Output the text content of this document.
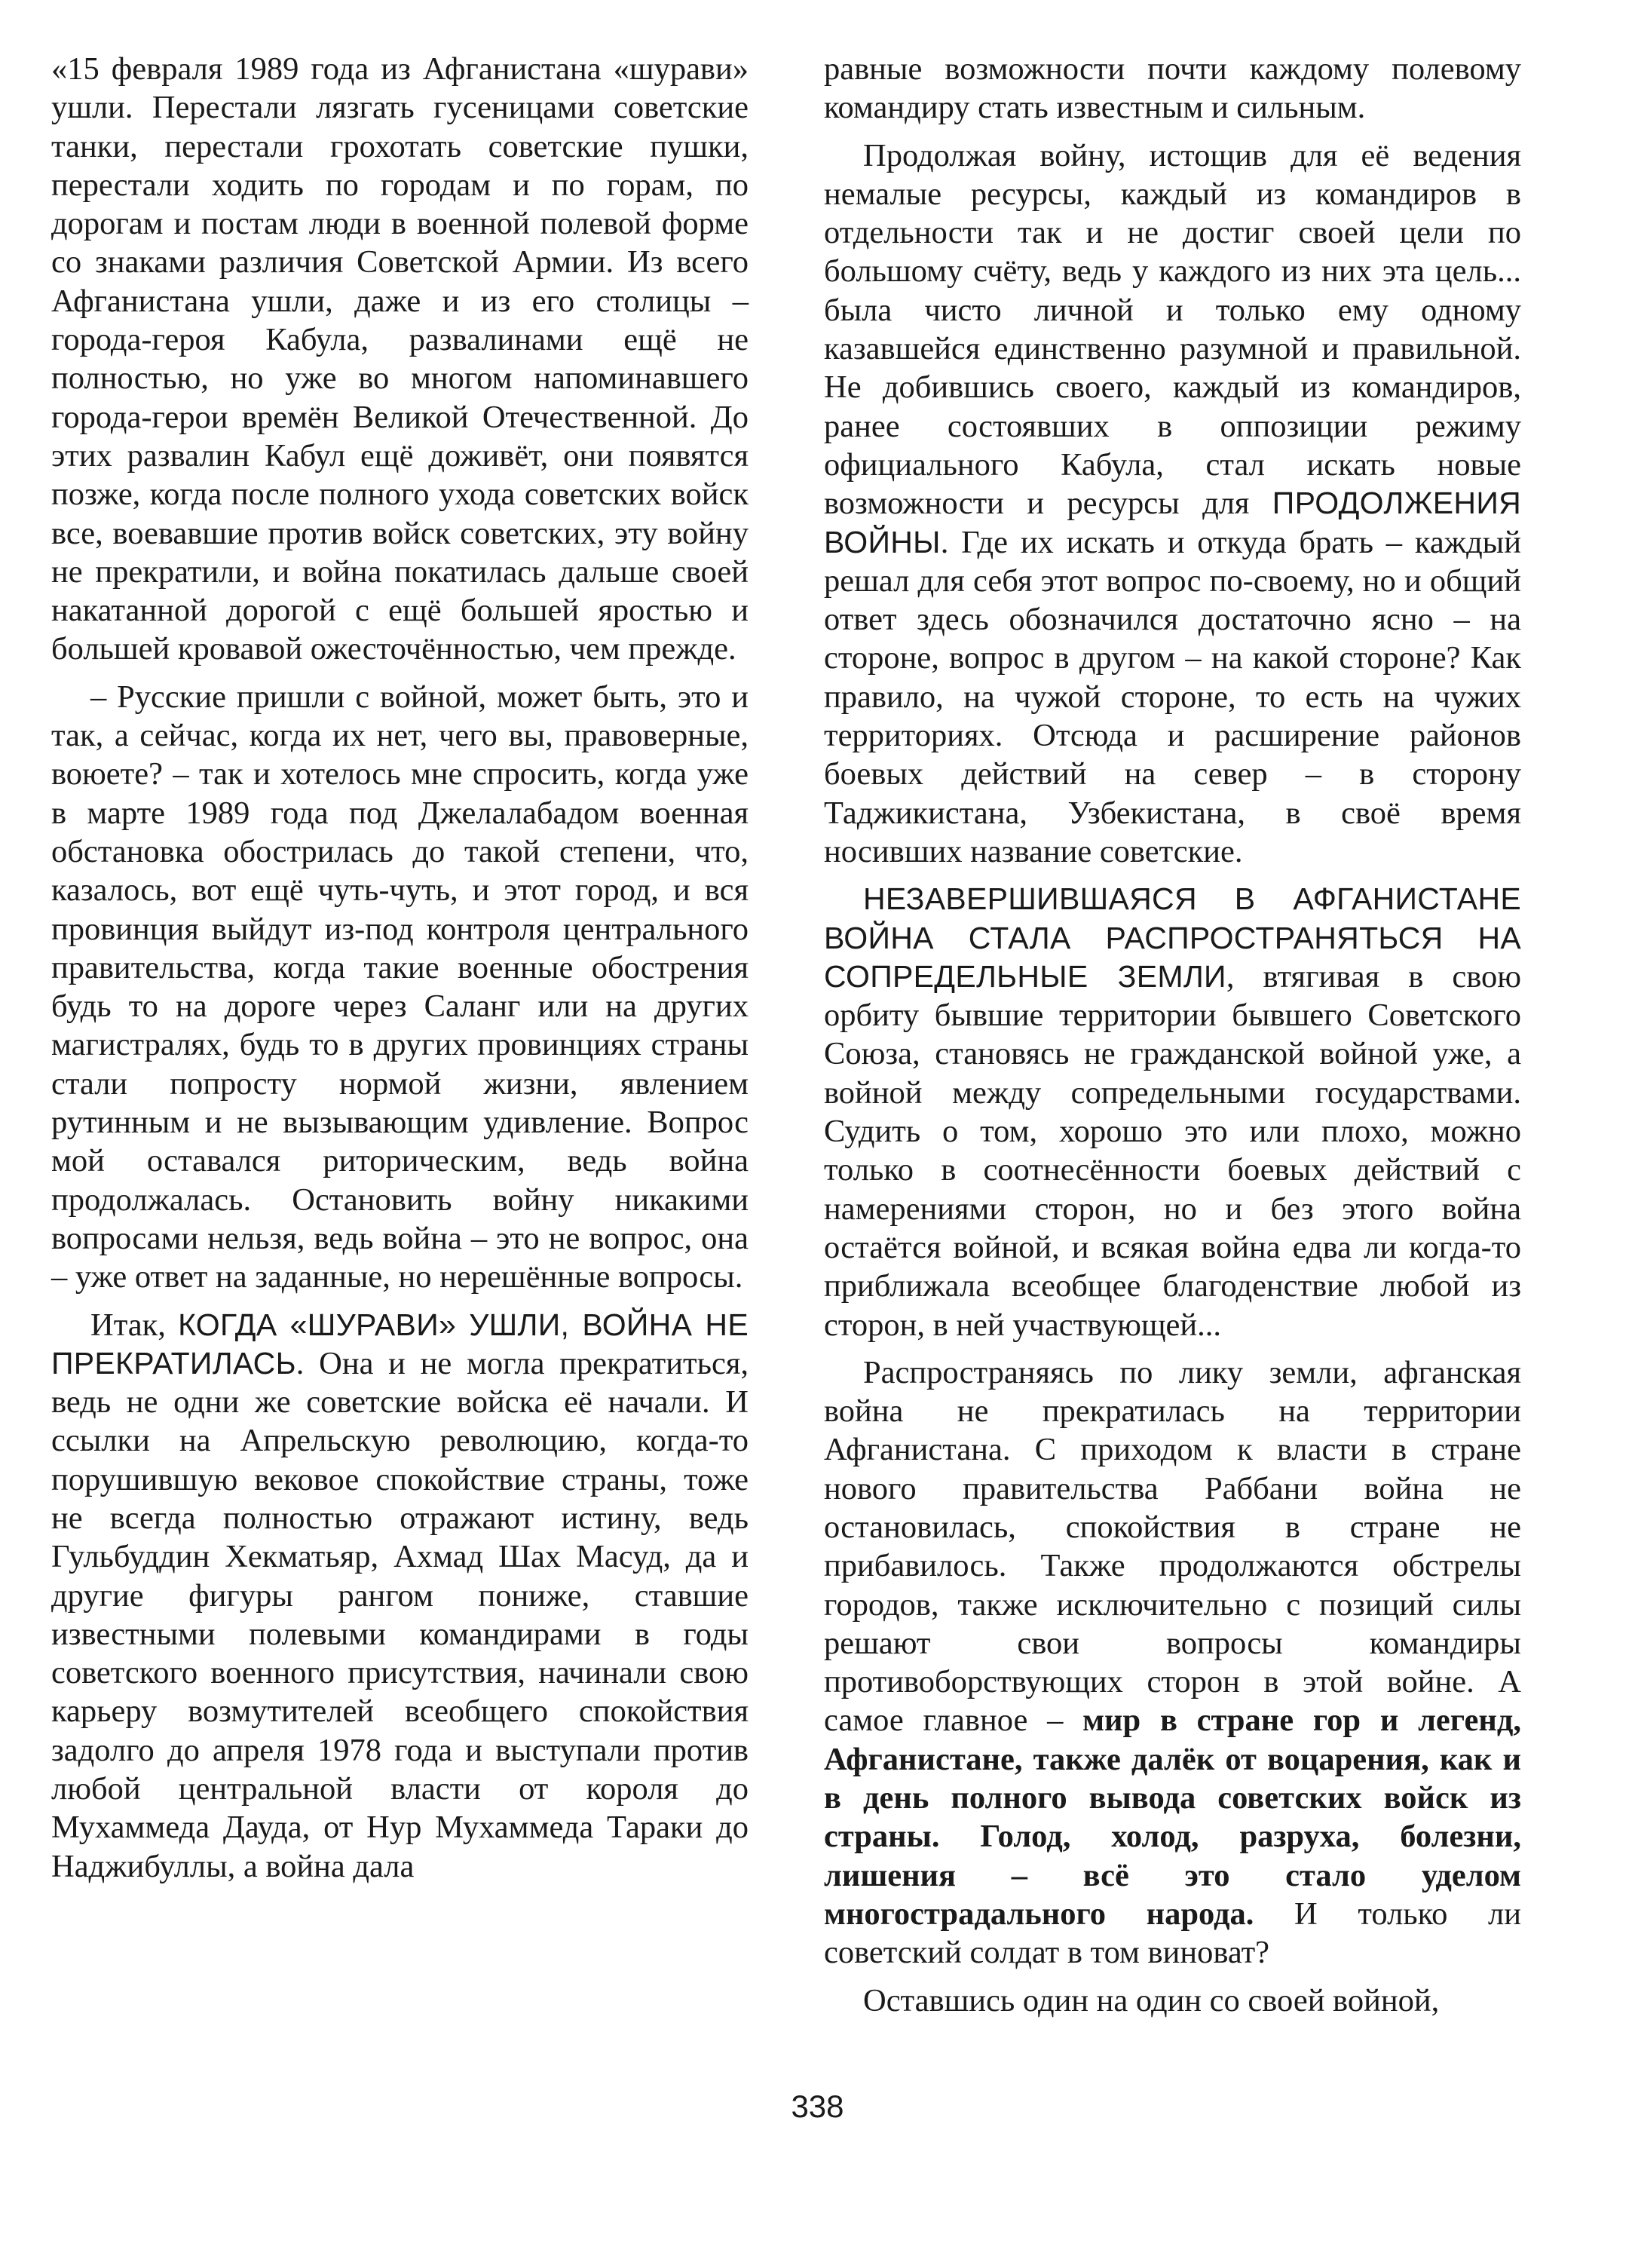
«15 февраля 1989 года из Афганистана «шурави» ушли. Перестали лязгать гусеницами советские танки, перестали грохотать советские пушки, перестали ходить по городам и по горам, по дорогам и постам люди в военной полевой форме со знаками различия Советской Армии. Из всего Афганистана ушли, даже и из его столицы – города-героя Кабула, развалинами ещё не полностью, но уже во многом напоминавшего города-герои времён Великой Отечественной. До этих развалин Кабул ещё доживёт, они появятся позже, когда после полного ухода советских войск все, воевавшие против войск советских, эту войну не прекратили, и война покатилась дальше своей накатанной дорогой с ещё большей яростью и большей кровавой ожесточённостью, чем прежде.

– Русские пришли с войной, может быть, это и так, а сейчас, когда их нет, чего вы, правоверные, воюете? – так и хотелось мне спросить, когда уже в марте 1989 года под Джелалабадом военная обстановка обострилась до такой степени, что, казалось, вот ещё чуть-чуть, и этот город, и вся провинция выйдут из-под контроля центрального правительства, когда такие военные обострения будь то на дороге через Саланг или на других магистралях, будь то в других провинциях страны стали попросту нормой жизни, явлением рутинным и не вызывающим удивление. Вопрос мой оставался риторическим, ведь война продолжалась. Остановить войну никакими вопросами нельзя, ведь война – это не вопрос, она – уже ответ на заданные, но нерешённые вопросы.

Итак, КОГДА «ШУРАВИ» УШЛИ, ВОЙНА НЕ ПРЕКРАТИЛАСЬ. Она и не могла прекратиться, ведь не одни же советские войска её начали. И ссылки на Апрельскую революцию, когда-то порушившую вековое спокойствие страны, тоже не всегда полностью отражают истину, ведь Гульбуддин Хекматьяр, Ахмад Шах Масуд, да и другие фигуры рангом пониже, ставшие известными полевыми командирами в годы советского военного присутствия, начинали свою карьеру возмутителей всеобщего спокойствия задолго до апреля 1978 года и выступали против любой центральной власти от короля до Мухаммеда Дауда, от Нур Мухаммеда Тараки до Наджибуллы, а война дала

равные возможности почти каждому полевому командиру стать известным и сильным.

Продолжая войну, истощив для её ведения немалые ресурсы, каждый из командиров в отдельности так и не достиг своей цели по большому счёту, ведь у каждого из них эта цель... была чисто личной и только ему одному казавшейся единственно разумной и правильной. Не добившись своего, каждый из командиров, ранее состоявших в оппозиции режиму официального Кабула, стал искать новые возможности и ресурсы для ПРОДОЛЖЕНИЯ ВОЙНЫ. Где их искать и откуда брать – каждый решал для себя этот вопрос по-своему, но и общий ответ здесь обозначился достаточно ясно – на стороне, вопрос в другом – на какой стороне? Как правило, на чужой стороне, то есть на чужих территориях. Отсюда и расширение районов боевых действий на север – в сторону Таджикистана, Узбекистана, в своё время носивших название советские.

НЕЗАВЕРШИВШАЯСЯ В АФГАНИСТАНЕ ВОЙНА СТАЛА РАСПРОСТРАНЯТЬСЯ НА СОПРЕДЕЛЬНЫЕ ЗЕМЛИ, втягивая в свою орбиту бывшие территории бывшего Советского Союза, становясь не гражданской войной уже, а войной между сопредельными государствами. Судить о том, хорошо это или плохо, можно только в соотнесённости боевых действий с намерениями сторон, но и без этого война остаётся войной, и всякая война едва ли когда-то приближала всеобщее благоденствие любой из сторон, в ней участвующей...

Распространяясь по лику земли, афганская война не прекратилась на территории Афганистана. С приходом к власти в стране нового правительства Раббани война не остановилась, спокойствия в стране не прибавилось. Также продолжаются обстрелы городов, также исключительно с позиций силы решают свои вопросы командиры противоборствующих сторон в этой войне. А самое главное – мир в стране гор и легенд, Афганистане, также далёк от воцарения, как и в день полного вывода советских войск из страны. Голод, холод, разруха, болезни, лишения – всё это стало уделом многострадального народа. И только ли советский солдат в том виноват?

Оставшись один на один со своей войной,

338
